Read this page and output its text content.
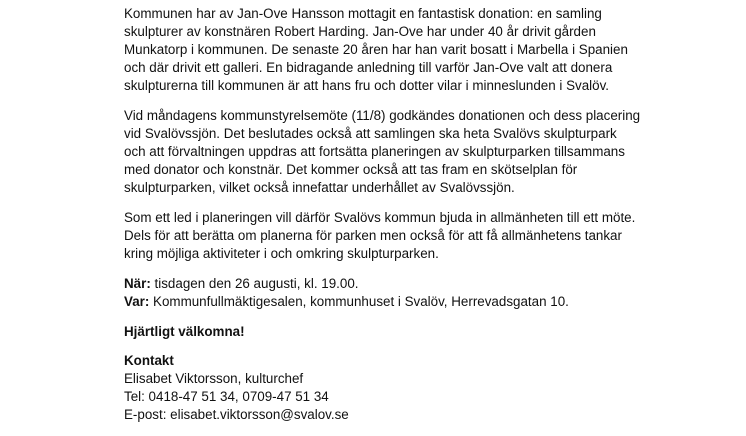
Kommunen har av Jan-Ove Hansson mottagit en fantastisk donation: en samling
skulpturer av konstnären Robert Harding. Jan-Ove har under 40 år drivit gården
Munkatorp i kommunen. De senaste 20 åren har han varit bosatt i Marbella i Spanien
och där drivit ett galleri. En bidragande anledning till varför Jan-Ove valt att donera
skulpturerna till kommunen är att hans fru och dotter vilar i minneslunden i Svalöv.
Vid måndagens kommunstyrelsemöte (11/8) godkändes donationen och dess placering
vid Svalövssjön. Det beslutades också att samlingen ska heta Svalövs skulpturpark
och att förvaltningen uppdras att fortsätta planeringen av skulpturparken tillsammans
med donator och konstnär. Det kommer också att tas fram en skötselplan för
skulpturparken, vilket också innefattar underhållet av Svalövssjön.
Som ett led i planeringen vill därför Svalövs kommun bjuda in allmänheten till ett möte.
Dels för att berätta om planerna för parken men också för att få allmänhetens tankar
kring möjliga aktiviteter i och omkring skulpturparken.
När: tisdagen den 26 augusti, kl. 19.00.
Var: Kommunfullmäktigesalen, kommunhuset i Svalöv, Herrevadsgatan 10.
Hjärtligt välkomna!
Kontakt
Elisabet Viktorsson, kulturchef
Tel: 0418-47 51 34, 0709-47 51 34
E-post: elisabet.viktorsson@svalov.se
